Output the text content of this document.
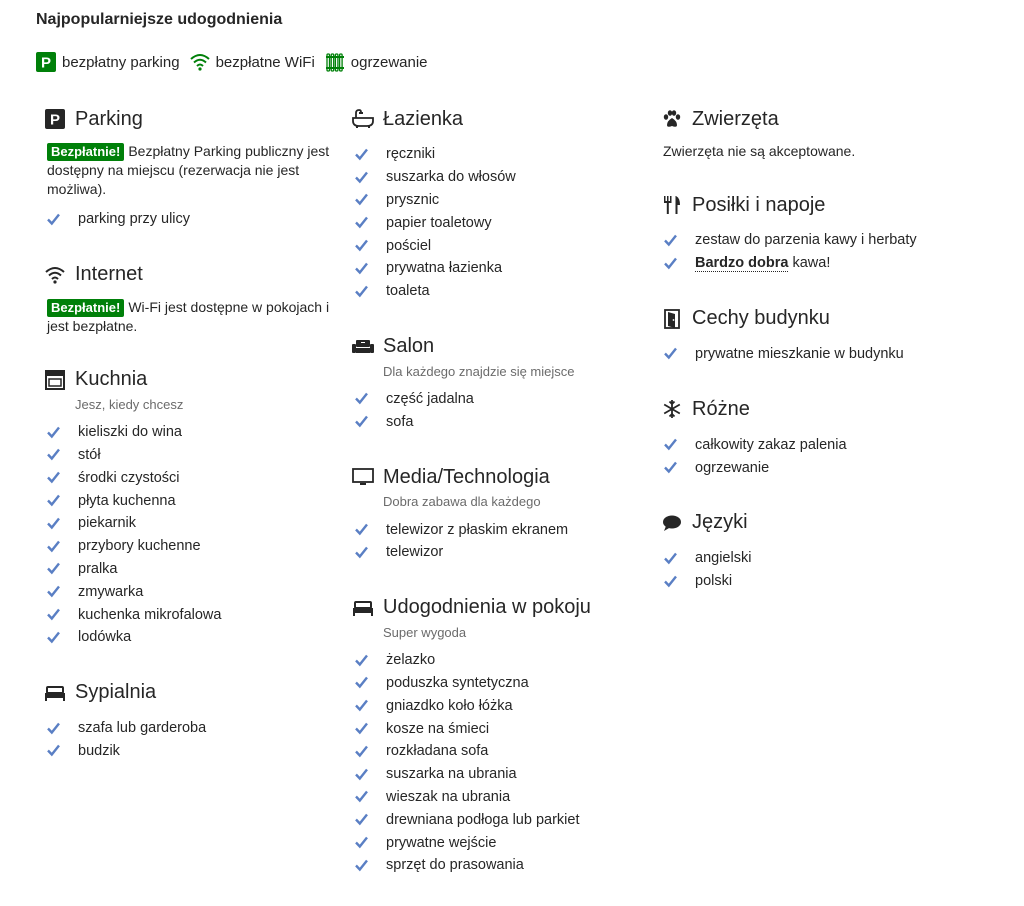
Najpopularniejsze udogodnienia
P bezpłatny parking bezpłatne WiFi ogrzewanie
P Parking
Bezpłatnie! Bezpłatny Parking publiczny jest dostępny na miejscu (rezerwacja nie jest możliwa).
parking przy ulicy
Internet
Bezpłatnie! Wi-Fi jest dostępne w pokojach i jest bezpłatne.
Kuchnia
Jesz, kiedy chcesz
kieliszki do wina
stół
środki czystości
płyta kuchenna
piekarnik
przybory kuchenne
pralka
zmywarka
kuchenka mikrofalowa
lodówka
Sypialnia
szafa lub garderoba
budzik
Łazienka
ręczniki
suszarka do włosów
prysznic
papier toaletowy
pościel
prywatna łazienka
toaleta
Salon
Dla każdego znajdzie się miejsce
część jadalna
sofa
Media/Technologia
Dobra zabawa dla każdego
telewizor z płaskim ekranem
telewizor
Udogodnienia w pokoju
Super wygoda
żelazko
poduszka syntetyczna
gniazdko koło łóżka
kosze na śmieci
rozkładana sofa
suszarka na ubrania
wieszak na ubrania
drewniana podłoga lub parkiet
prywatne wejście
sprzęt do prasowania
Zwierzęta
Zwierzęta nie są akceptowane.
Posiłki i napoje
zestaw do parzenia kawy i herbaty
Bardzo dobra kawa!
Cechy budynku
prywatne mieszkanie w budynku
Różne
całkowity zakaz palenia
ogrzewanie
Języki
angielski
polski
